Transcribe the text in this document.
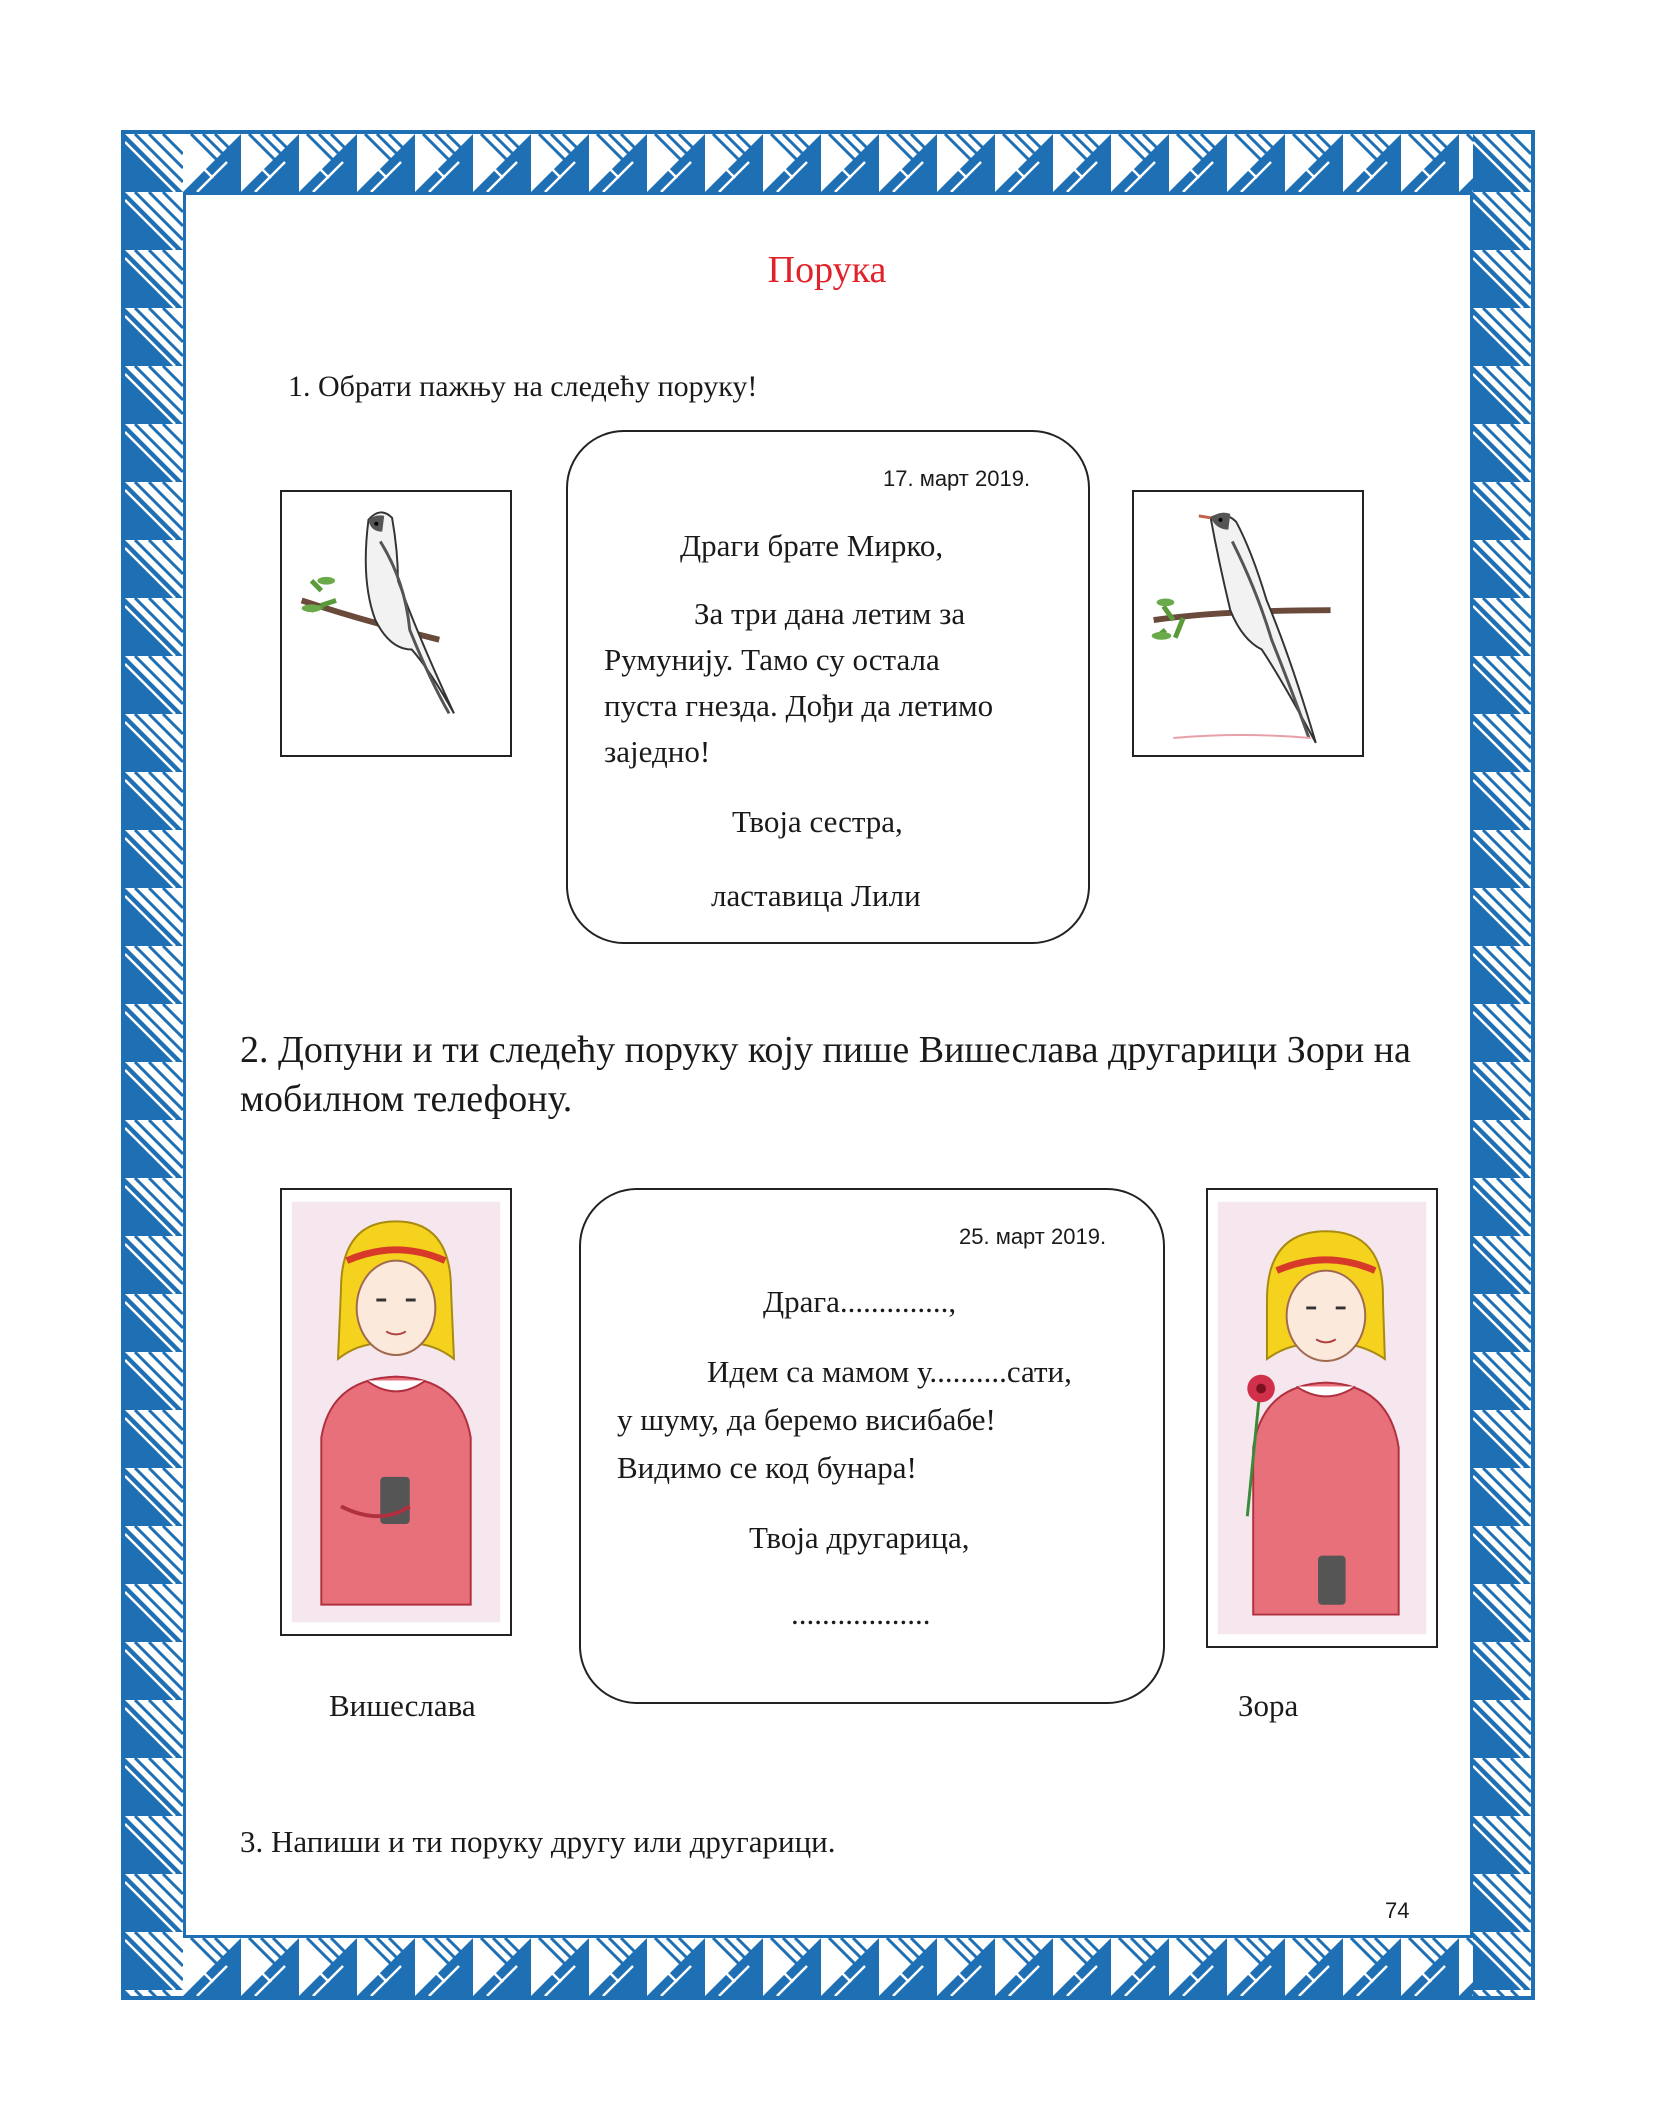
Порука
1. Обрати пажњу на следећу поруку!
17. март 2019.
Драги брате Мирко,
За три дана летим за
Румунију. Тамо су остала
пуста гнезда. Дођи да летимо
заједно!
Твоја сестра,
ластавица Лили
2. Допуни и ти следећу поруку коју пише Вишеслава другарици Зори на мобилном телефону.
25. март 2019.
Драга..............,
Идем са мамом у..........сати,
у шуму, да беремо висибабе!
Видимо се код бунара!
Твоја другарица,
..................
Вишеслава	Зора
3. Напиши и ти поруку другу или другарици.
74
